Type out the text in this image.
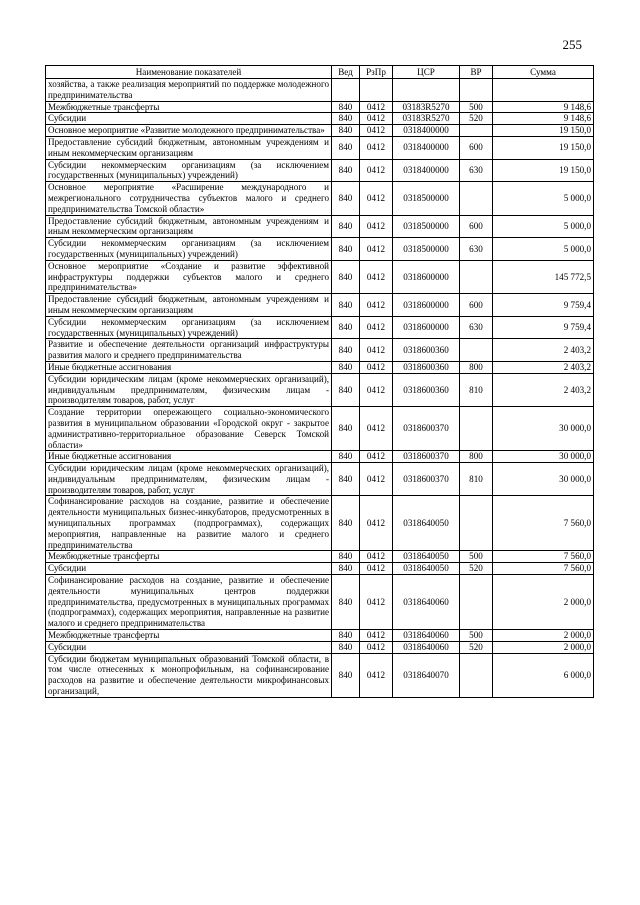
255
Наименование показателей	Вед	РзПр	ЦСР	ВР	Сумма
хозяйства, а также реализация мероприятий по поддержке молодежного предпринимательства					
Межбюджетные трансферты	840	0412	03183R5270	500	9 148,6
Субсидии	840	0412	03183R5270	520	9 148,6
Основное мероприятие «Развитие молодежного предпринимательства»	840	0412	0318400000		19 150,0
Предоставление субсидий бюджетным, автономным учреждениям и иным некоммерческим организациям	840	0412	0318400000	600	19 150,0
Субсидии некоммерческим организациям (за исключением государственных (муниципальных) учреждений)	840	0412	0318400000	630	19 150,0
Основное мероприятие «Расширение международного и межрегионального сотрудничества субъектов малого и среднего предпринимательства Томской области»	840	0412	0318500000		5 000,0
Предоставление субсидий бюджетным, автономным учреждениям и иным некоммерческим организациям	840	0412	0318500000	600	5 000,0
Субсидии некоммерческим организациям (за исключением государственных (муниципальных) учреждений)	840	0412	0318500000	630	5 000,0
Основное мероприятие «Создание и развитие эффективной инфраструктуры поддержки субъектов малого и среднего предпринимательства»	840	0412	0318600000		145 772,5
Предоставление субсидий бюджетным, автономным учреждениям и иным некоммерческим организациям	840	0412	0318600000	600	9 759,4
Субсидии некоммерческим организациям (за исключением государственных (муниципальных) учреждений)	840	0412	0318600000	630	9 759,4
Развитие и обеспечение деятельности организаций инфраструктуры развития малого и среднего предпринимательства	840	0412	0318600360		2 403,2
Иные бюджетные ассигнования	840	0412	0318600360	800	2 403,2
Субсидии юридическим лицам (кроме некоммерческих организаций), индивидуальным предпринимателям, физическим лицам - производителям товаров, работ, услуг	840	0412	0318600360	810	2 403,2
Создание территории опережающего социально-экономического развития в муниципальном образовании «Городской округ - закрытое административно-территориальное образование Северск Томской области»	840	0412	0318600370		30 000,0
Иные бюджетные ассигнования	840	0412	0318600370	800	30 000,0
Субсидии юридическим лицам (кроме некоммерческих организаций), индивидуальным предпринимателям, физическим лицам - производителям товаров, работ, услуг	840	0412	0318600370	810	30 000,0
Софинансирование расходов на создание, развитие и обеспечение деятельности муниципальных бизнес-инкубаторов, предусмотренных в муниципальных программах (подпрограммах), содержащих мероприятия, направленные на развитие малого и среднего предпринимательства	840	0412	0318640050		7 560,0
Межбюджетные трансферты	840	0412	0318640050	500	7 560,0
Субсидии	840	0412	0318640050	520	7 560,0
Софинансирование расходов на создание, развитие и обеспечение деятельности муниципальных центров поддержки предпринимательства, предусмотренных в муниципальных программах (подпрограммах), содержащих мероприятия, направленные на развитие малого и среднего предпринимательства	840	0412	0318640060		2 000,0
Межбюджетные трансферты	840	0412	0318640060	500	2 000,0
Субсидии	840	0412	0318640060	520	2 000,0
Субсидии бюджетам муниципальных образований Томской области, в том числе отнесенных к монопрофильным, на софинансирование расходов на развитие и обеспечение деятельности микрофинансовых организаций,	840	0412	0318640070		6 000,0
